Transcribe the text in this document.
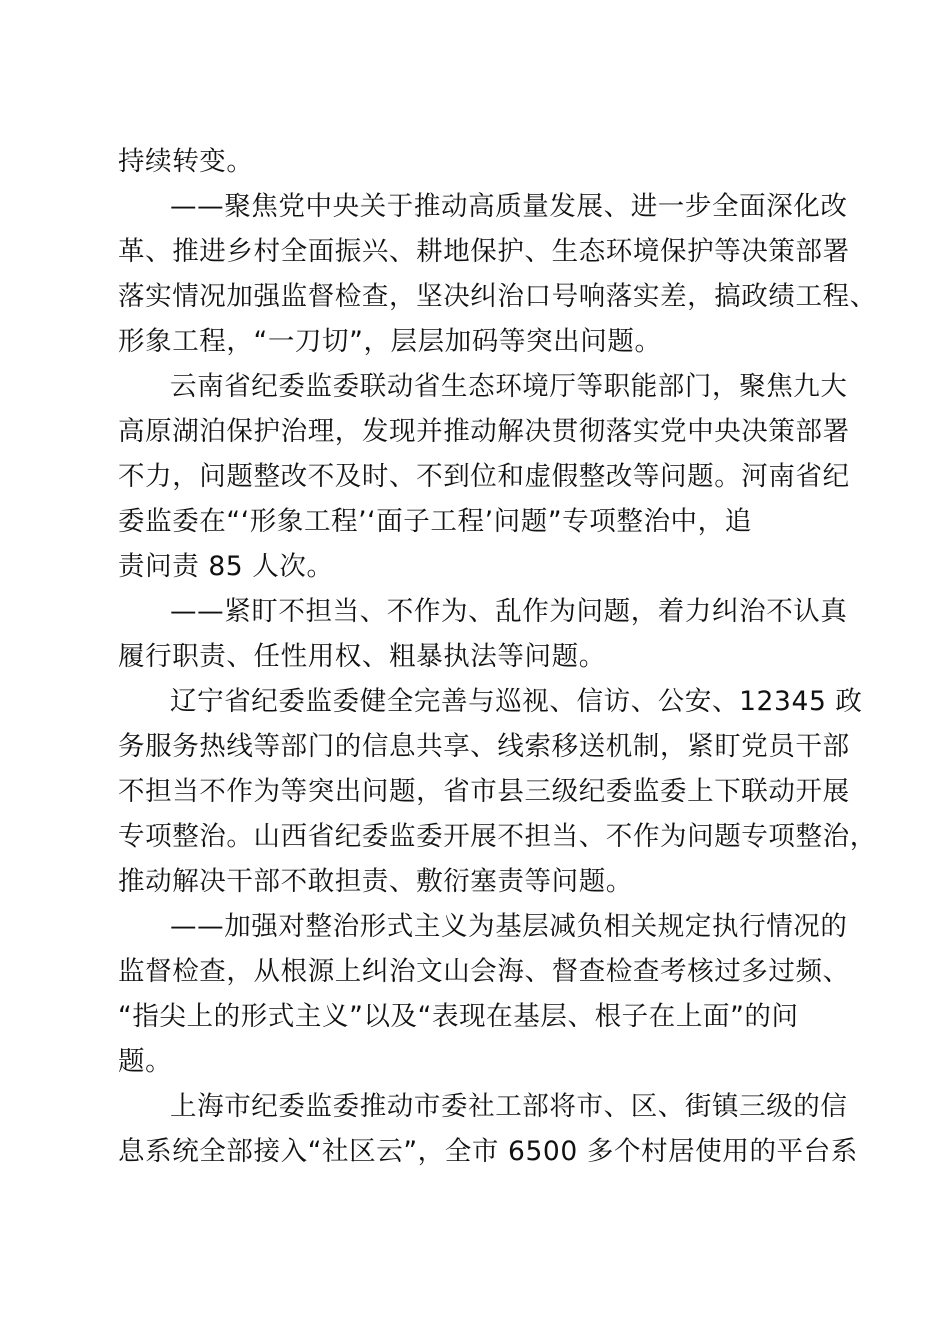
持续转变。
——聚焦党中央关于推动高质量发展、进一步全面深化改
革、推进乡村全面振兴、耕地保护、生态环境保护等决策部署
落实情况加强监督检查，坚决纠治口号响落实差，搞政绩工程、
形象工程，“一刀切”，层层加码等突出问题。
云南省纪委监委联动省生态环境厅等职能部门，聚焦九大
高原湖泊保护治理，发现并推动解决贯彻落实党中央决策部署
不力，问题整改不及时、不到位和虚假整改等问题。河南省纪
委监委在“‘形象工程’‘面子工程’问题”专项整治中，追
责问责 85 人次。
——紧盯不担当、不作为、乱作为问题，着力纠治不认真
履行职责、任性用权、粗暴执法等问题。
辽宁省纪委监委健全完善与巡视、信访、公安、12345 政
务服务热线等部门的信息共享、线索移送机制，紧盯党员干部
不担当不作为等突出问题，省市县三级纪委监委上下联动开展
专项整治。山西省纪委监委开展不担当、不作为问题专项整治，
推动解决干部不敢担责、敷衍塞责等问题。
——加强对整治形式主义为基层减负相关规定执行情况的
监督检查，从根源上纠治文山会海、督查检查考核过多过频、
“指尖上的形式主义”以及“表现在基层、根子在上面”的问
题。
上海市纪委监委推动市委社工部将市、区、街镇三级的信
息系统全部接入“社区云”，全市 6500 多个村居使用的平台系
